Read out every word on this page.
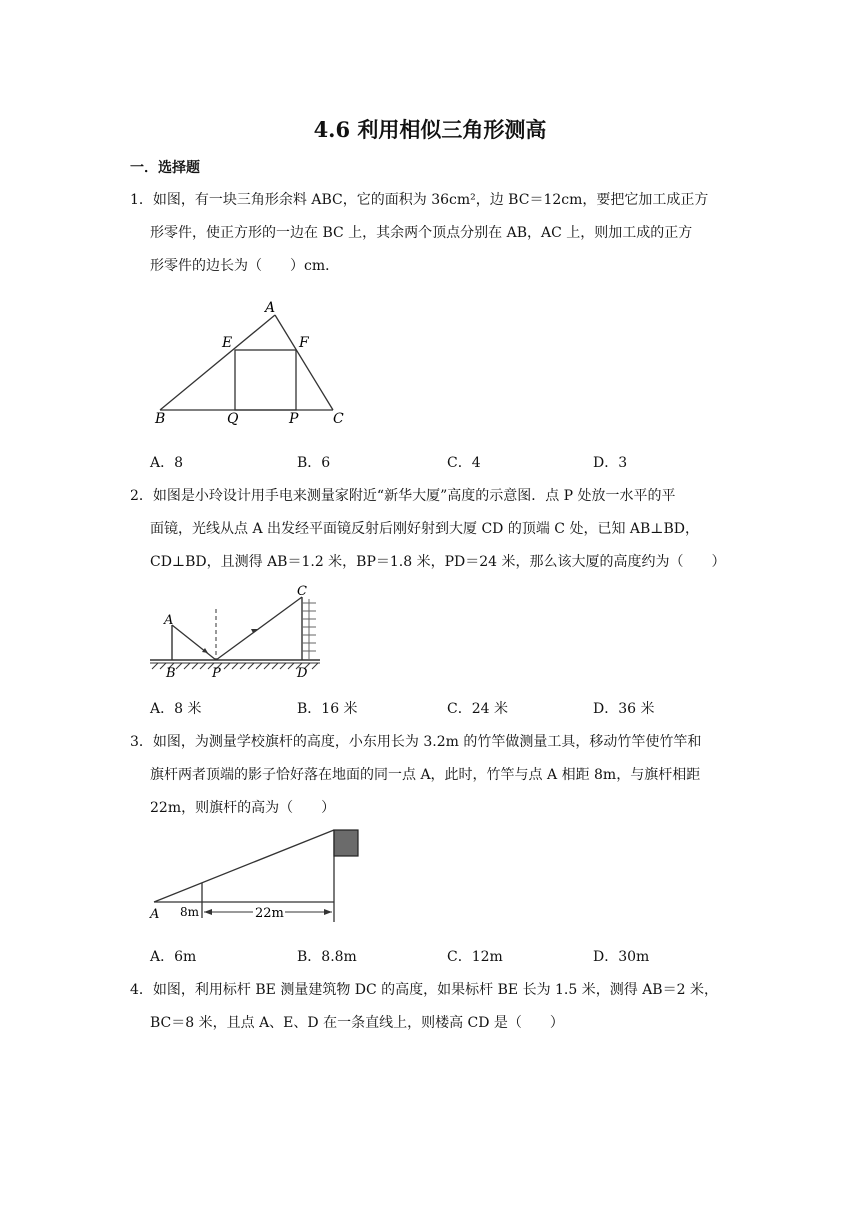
4.6 利用相似三角形测高
一．选择题
1．如图，有一块三角形余料 ABC，它的面积为 36cm²，边 BC＝12cm，要把它加工成正方
形零件，使正方形的一边在 BC 上，其余两个顶点分别在 AB，AC 上，则加工成的正方
形零件的边长为（　　）cm．
A
E	F
B	Q	P C
A．8	B．6	C．4	D．3
2．如图是小玲设计用手电来测量家附近“新华大厦”高度的示意图．点 P 处放一水平的平
面镜，光线从点 A 出发经平面镜反射后刚好射到大厦 CD 的顶端 C 处，已知 AB⊥BD，
CD⊥BD，且测得 AB＝1.2 米，BP＝1.8 米，PD＝24 米，那么该大厦的高度约为（　　）
A
B	P
C
D
A．8 米	B．16 米	C．24 米	D．36 米
3．如图，为测量学校旗杆的高度，小东用长为 3.2m 的竹竿做测量工具，移动竹竿使竹竿和
旗杆两者顶端的影子恰好落在地面的同一点 A，此时，竹竿与点 A 相距 8m，与旗杆相距
22m，则旗杆的高为（　　）
A 8m	22m
A．6m	B．8.8m	C．12m	D．30m
4．如图，利用标杆 BE 测量建筑物 DC 的高度，如果标杆 BE 长为 1.5 米，测得 AB＝2 米，
BC＝8 米，且点 A、E、D 在一条直线上，则楼高 CD 是（　　）
